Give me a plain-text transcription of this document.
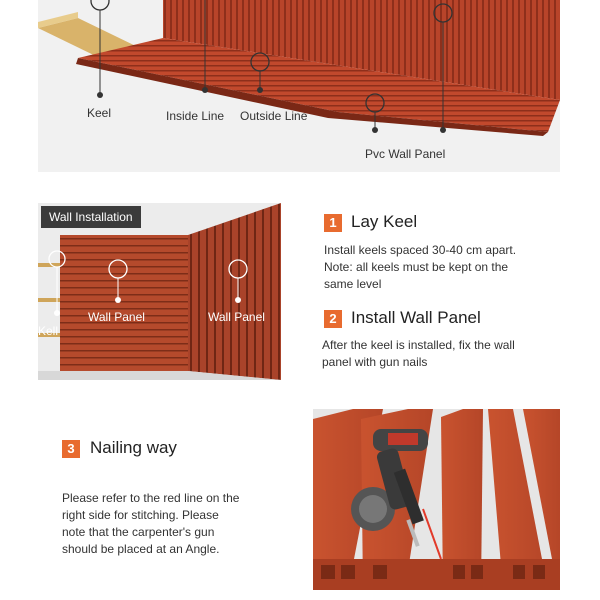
Keel	Inside Line Outside Line
Pvc Wall Panel
Wall Installation
Kell
Wall Panel	Wall Panel
1 Lay Keel
Install keels spaced 30-40 cm apart.
Note: all keels must be kept on the
same level
2 Install Wall Panel
After the keel is installed, fix the wall
panel with gun nails
3 Nailing way
Please refer to the red line on the
right side for stitching. Please
note that the carpenter's gun
should be placed at an Angle.
